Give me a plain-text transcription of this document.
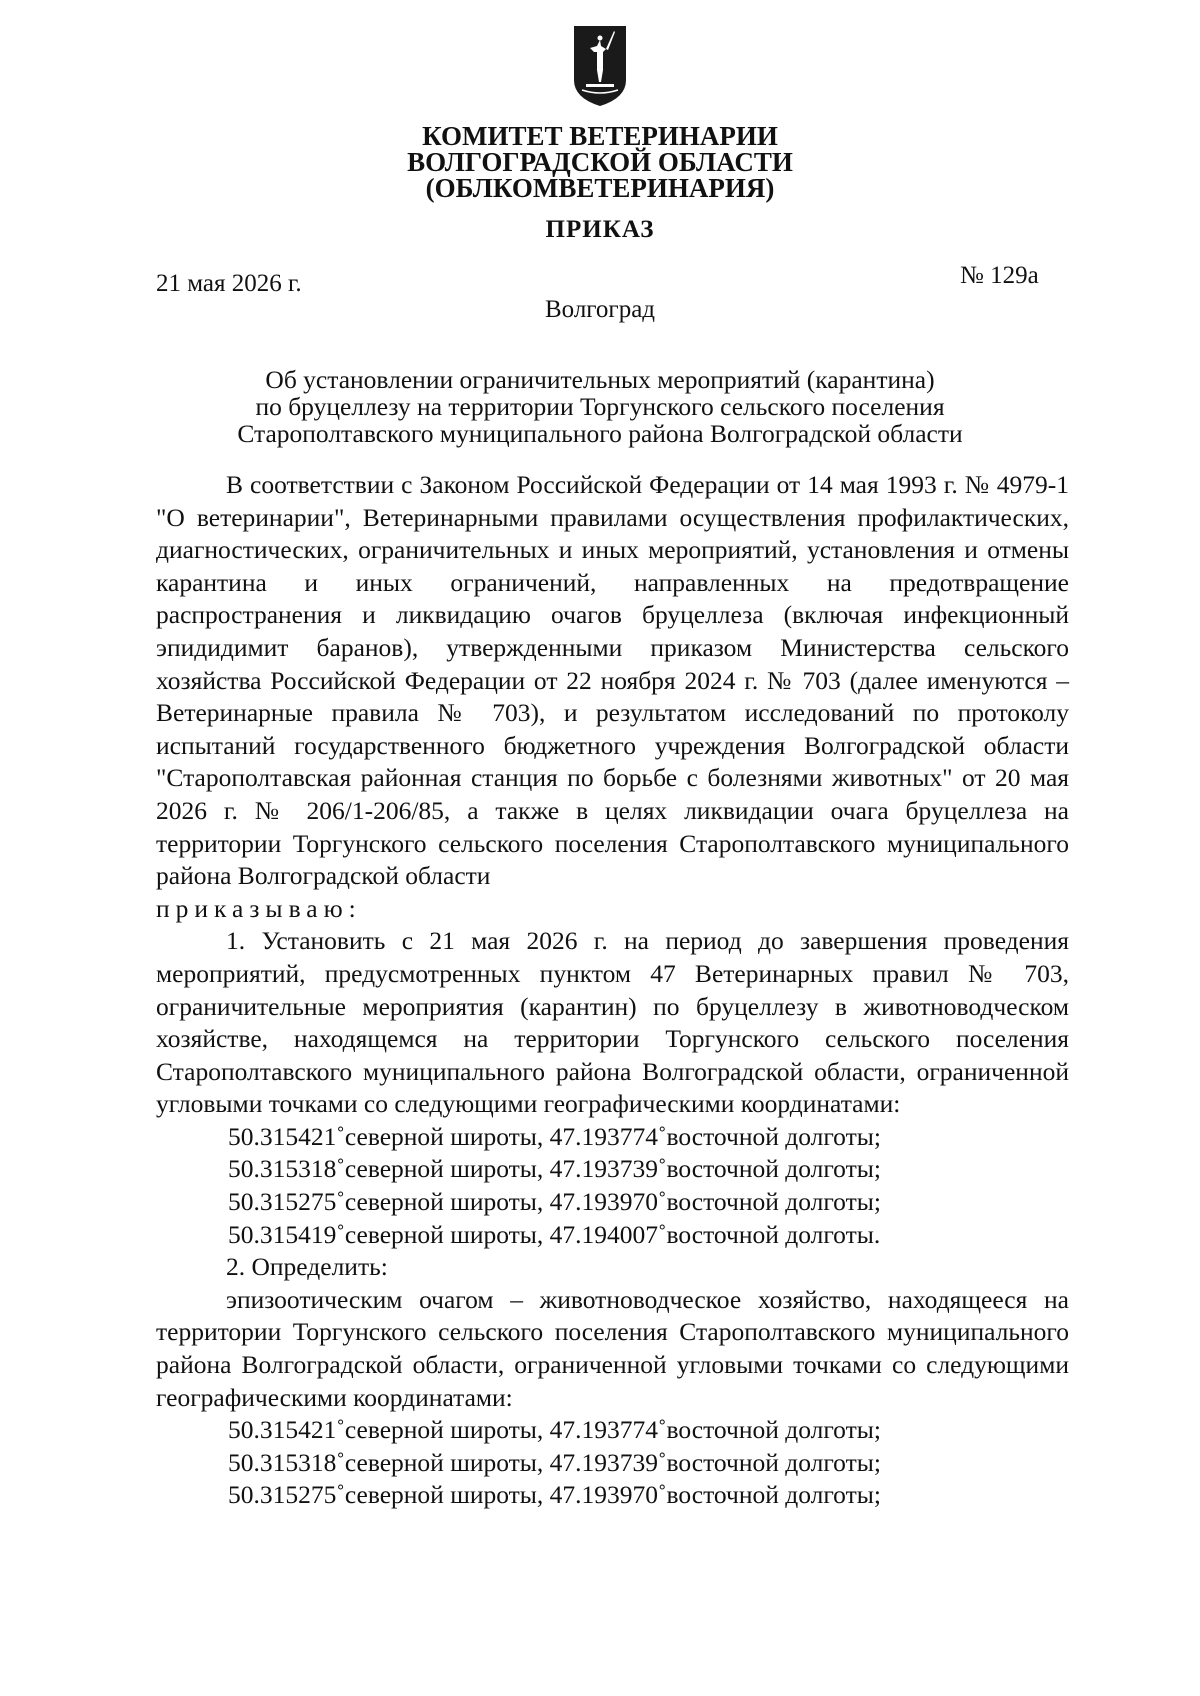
КОМИТЕТ ВЕТЕРИНАРИИ
ВОЛГОГРАДСКОЙ ОБЛАСТИ
(ОБЛКОМВЕТЕРИНАРИЯ)
ПРИКАЗ
21 мая 2026 г.	№ 129а
Волгоград
Об установлении ограничительных мероприятий (карантина)
по бруцеллезу на территории Торгунского сельского поселения
Старополтавского муниципального района Волгоградской области

В соответствии с Законом Российской Федерации от 14 мая 1993 г. № 4979-1 "О ветеринарии", Ветеринарными правилами осуществления профилактических, диагностических, ограничительных и иных мероприятий, установления и отмены карантина и иных ограничений, направленных на предотвращение распространения и ликвидацию очагов бруцеллеза (включая инфекционный эпидидимит баранов), утвержденными приказом Министерства сельского хозяйства Российской Федерации от 22 ноября 2024 г. № 703 (далее именуются – Ветеринарные правила № 703), и результатом исследований по протоколу испытаний государственного бюджетного учреждения Волгоградской области "Старополтавская районная станция по борьбе с болезнями животных" от 20 мая 2026 г. № 206/1-206/85, а также в целях ликвидации очага бруцеллеза на территории Торгунского сельского поселения Старополтавского муниципального района Волгоградской области

приказываю:

1. Установить с 21 мая 2026 г. на период до завершения проведения мероприятий, предусмотренных пунктом 47 Ветеринарных правил № 703, ограничительные мероприятия (карантин) по бруцеллезу в животноводческом хозяйстве, находящемся на территории Торгунского сельского поселения Старополтавского муниципального района Волгоградской области, ограниченной угловыми точками со следующими географическими координатами:

50.315421˚северной широты, 47.193774˚восточной долготы;

50.315318˚северной широты, 47.193739˚восточной долготы;

50.315275˚северной широты, 47.193970˚восточной долготы;

50.315419˚северной широты, 47.194007˚восточной долготы.

2. Определить:

эпизоотическим очагом – животноводческое хозяйство, находящееся на территории Торгунского сельского поселения Старополтавского муниципального района Волгоградской области, ограниченной угловыми точками со следующими географическими координатами:

50.315421˚северной широты, 47.193774˚восточной долготы;

50.315318˚северной широты, 47.193739˚восточной долготы;

50.315275˚северной широты, 47.193970˚восточной долготы;
